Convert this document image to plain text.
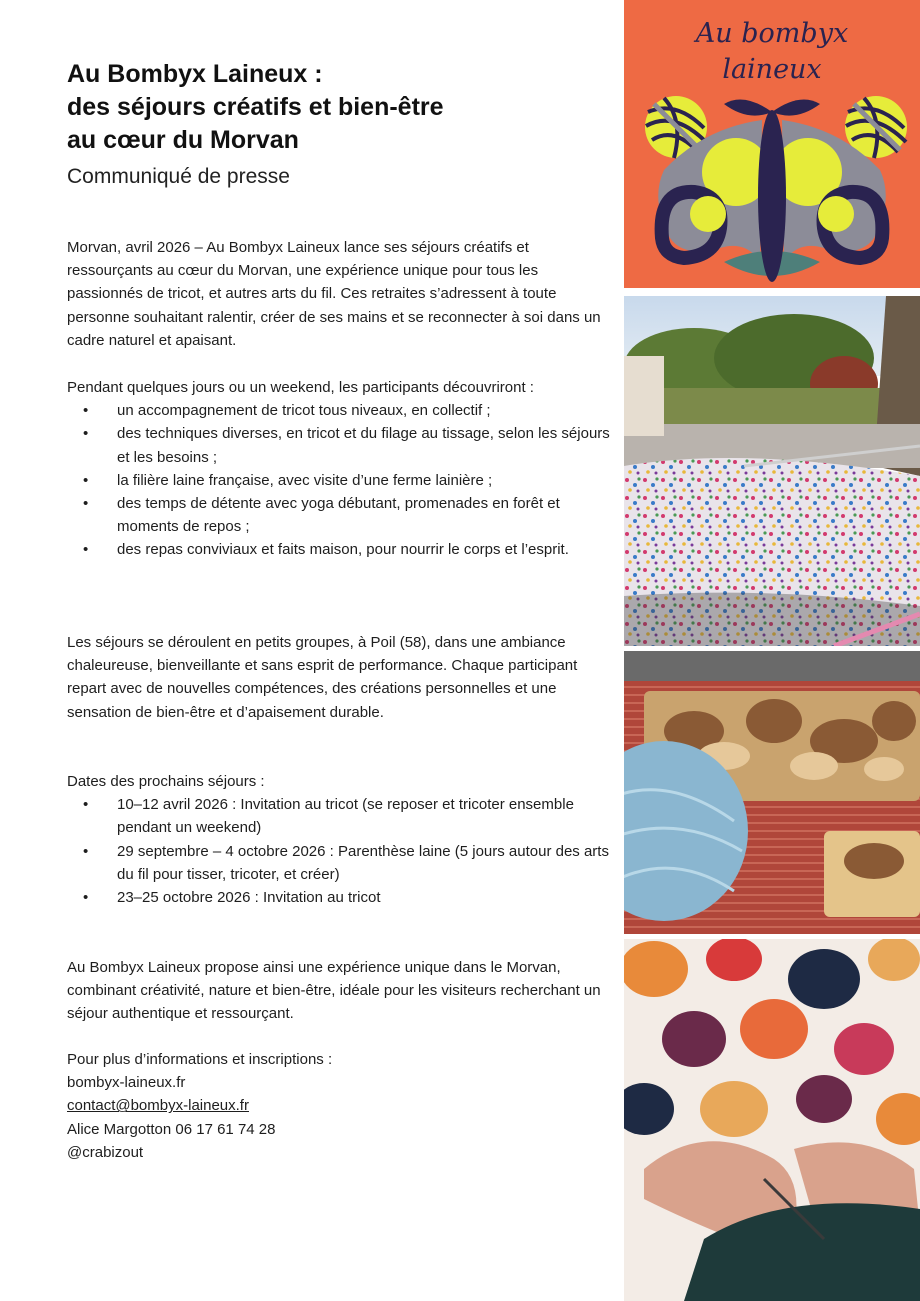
Au Bombyx Laineux :
des séjours créatifs et bien-être
au cœur du Morvan
Communiqué de presse

Morvan, avril 2026 – Au Bombyx Laineux lance ses séjours créatifs et ressourçants au cœur du Morvan, une expérience unique pour tous les passionnés de tricot, et autres arts du fil. Ces retraites s’adressent à toute personne souhaitant ralentir, créer de ses mains et se reconnecter à soi dans un cadre naturel et apaisant.

Pendant quelques jours ou un weekend, les participants découvriront :

•	un accompagnement de tricot tous niveaux, en collectif ;
•	des techniques diverses, en tricot et du filage au tissage, selon les séjours et les besoins ;
•	la filière laine française, avec visite d’une ferme lainière ;
•	des temps de détente avec yoga débutant, promenades en forêt et moments de repos ;
•	des repas conviviaux et faits maison, pour nourrir le corps et l’esprit.

Les séjours se déroulent en petits groupes, à Poil (58), dans une ambiance chaleureuse, bienveillante et sans esprit de performance. Chaque participant repart avec de nouvelles compétences, des créations personnelles et une sensation de bien-être et d’apaisement durable.

Dates des prochains séjours :

•	10–12 avril 2026 : Invitation au tricot (se reposer et tricoter ensemble pendant un weekend)
•	29 septembre – 4 octobre 2026 : Parenthèse laine (5 jours autour des arts du fil pour tisser, tricoter, et créer)
•	23–25 octobre 2026 : Invitation au tricot

Au Bombyx Laineux propose ainsi une expérience unique dans le Morvan, combinant créativité, nature et bien-être, idéale pour les visiteurs recherchant un séjour authentique et ressourçant.

Pour plus d’informations et inscriptions :

bombyx-laineux.fr

contact@bombyx-laineux.fr

Alice Margotton 06 17 61 74 28

@crabizout

Au bombyx
laineux
